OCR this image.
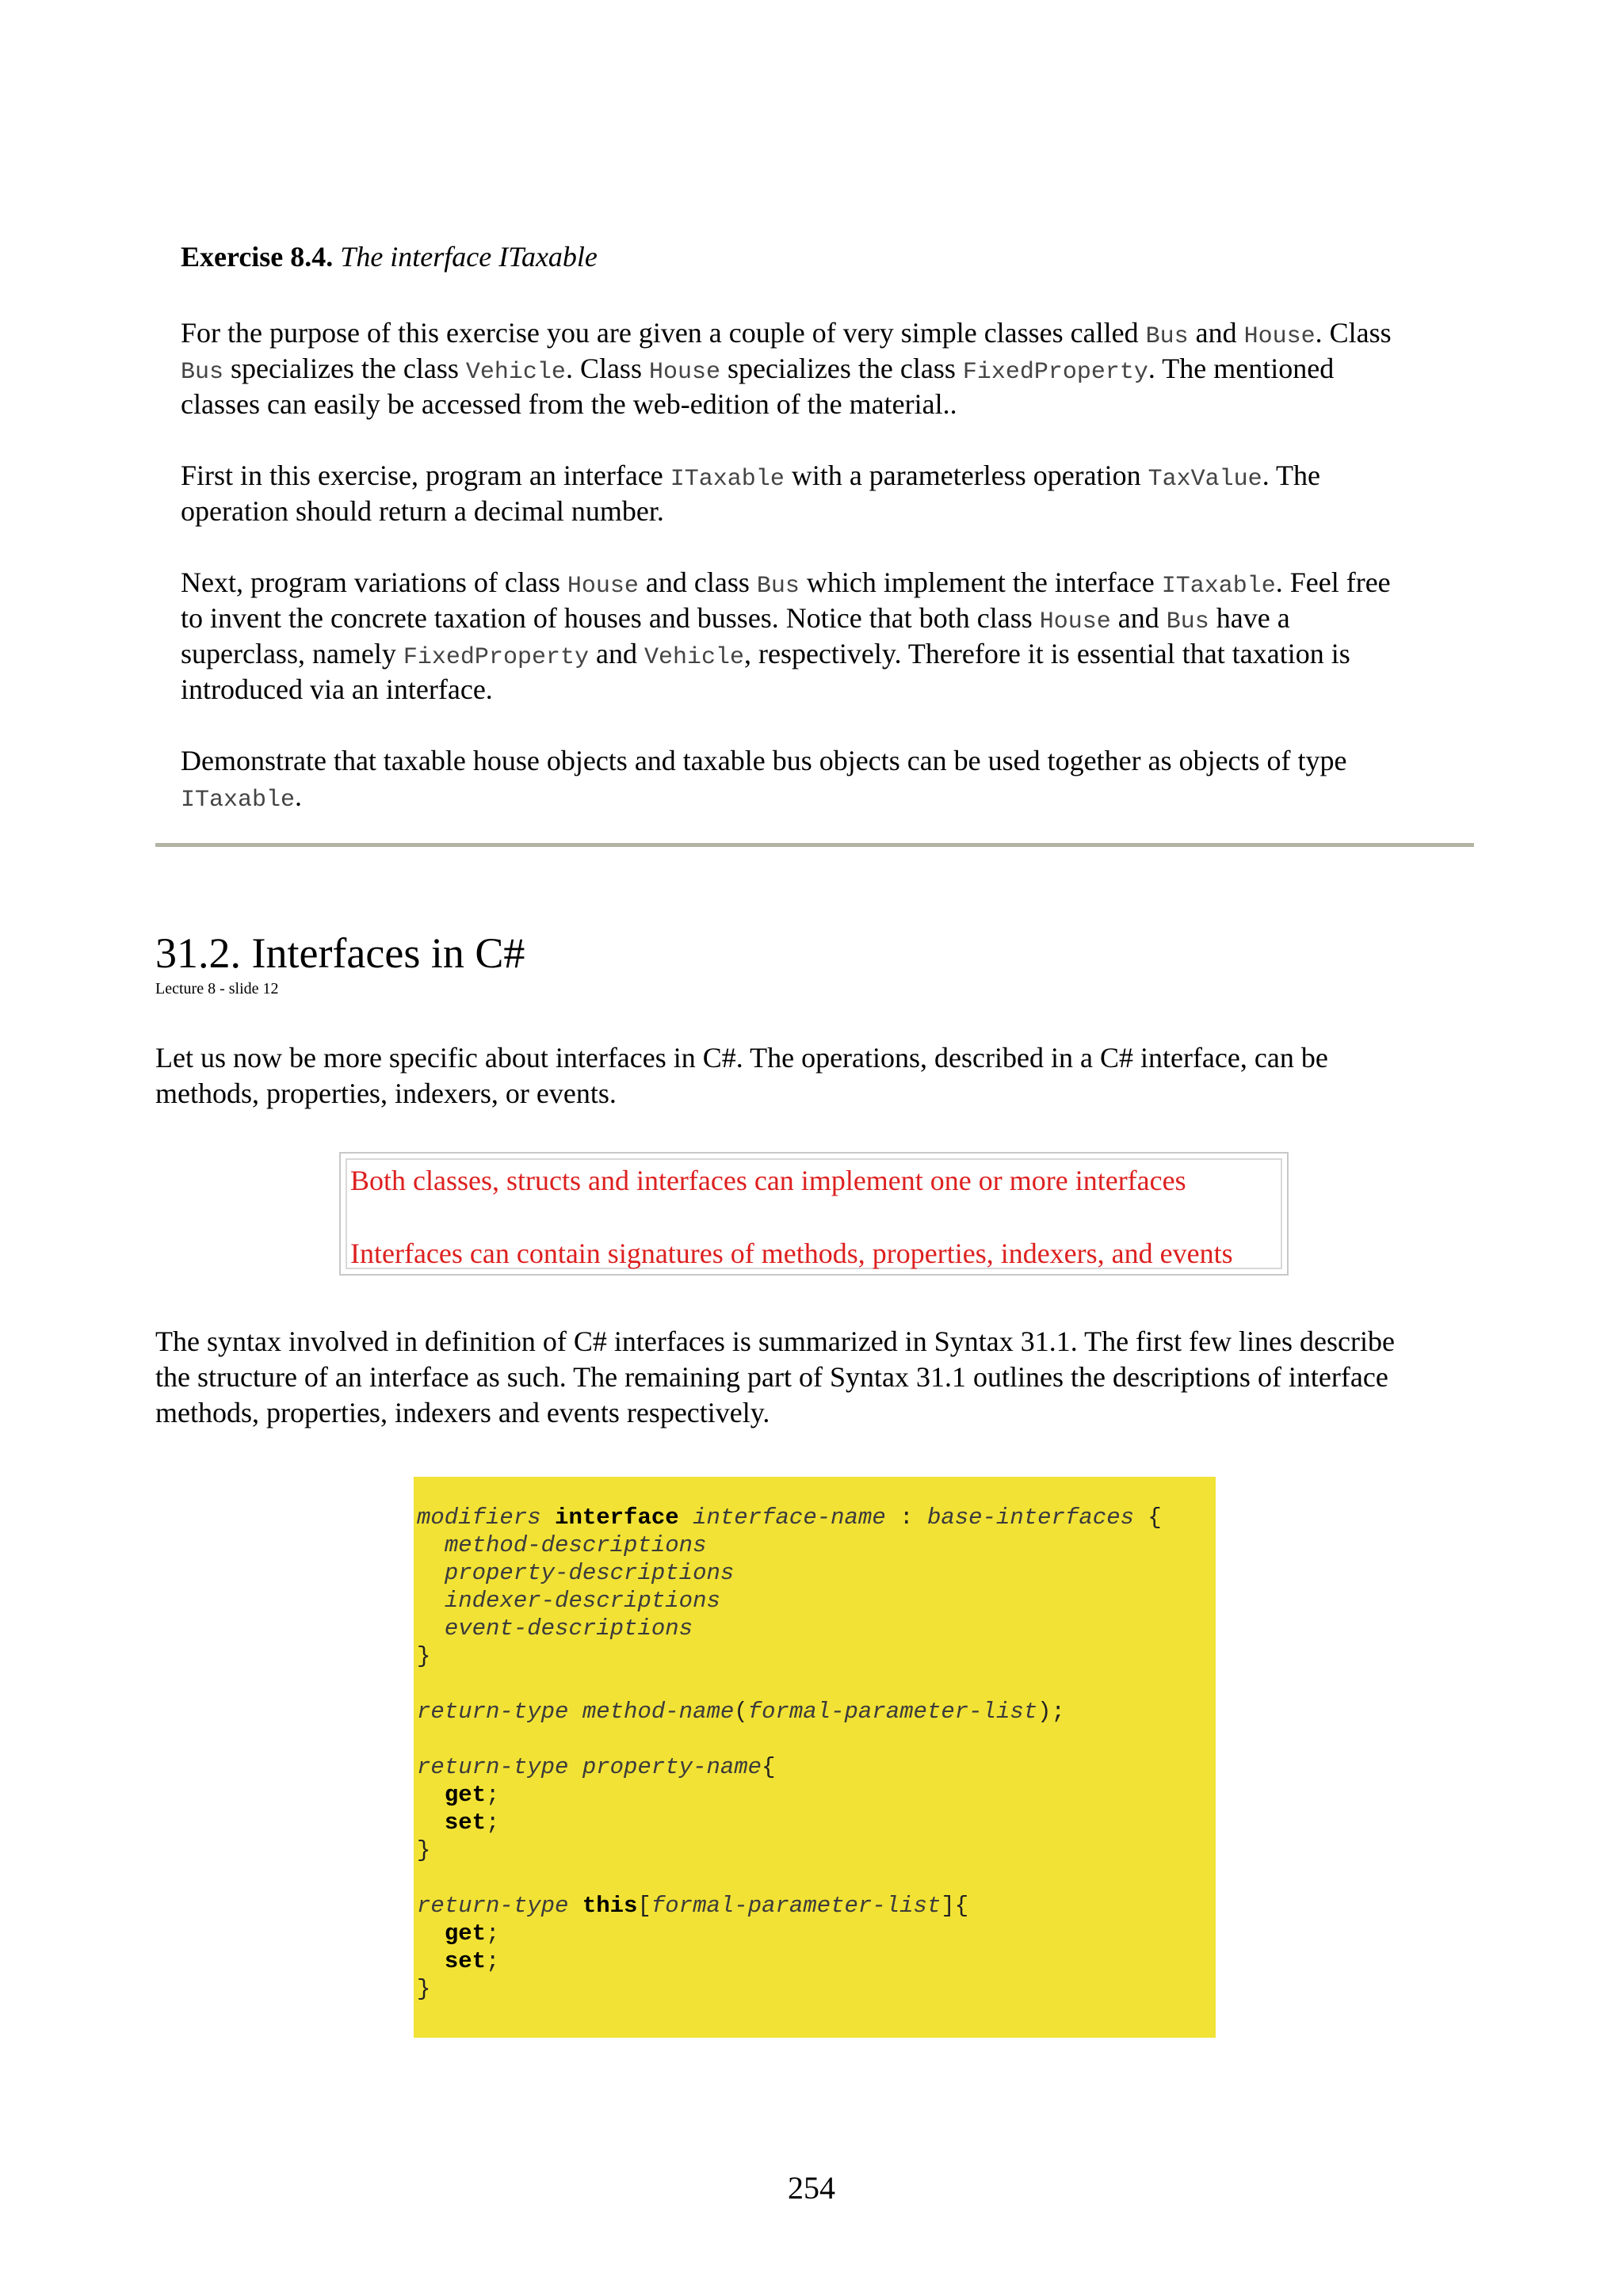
Exercise 8.4. The interface ITaxable

For the purpose of this exercise you are given a couple of very simple classes called Bus and House. Class

Bus specializes the class Vehicle. Class House specializes the class FixedProperty. The mentioned

classes can easily be accessed from the web-edition of the material..

First in this exercise, program an interface ITaxable with a parameterless operation TaxValue. The

operation should return a decimal number.

Next, program variations of class House and class Bus which implement the interface ITaxable. Feel free

to invent the concrete taxation of houses and busses. Notice that both class House and Bus have a

superclass, namely FixedProperty and Vehicle, respectively. Therefore it is essential that taxation is

introduced via an interface.

Demonstrate that taxable house objects and taxable bus objects can be used together as objects of type

ITaxable.

31.2. Interfaces in C#
Lecture 8 - slide 12

Let us now be more specific about interfaces in C#. The operations, described in a C# interface, can be

methods, properties, indexers, or events.

Both classes, structs and interfaces can implement one or more interfaces
Interfaces can contain signatures of methods, properties, indexers, and events

The syntax involved in definition of C# interfaces is summarized in Syntax 31.1. The first few lines describe

the structure of an interface as such. The remaining part of Syntax 31.1 outlines the descriptions of interface

methods, properties, indexers and events respectively.

modifiers interface interface-name : base-interfaces {
method-descriptions
property-descriptions
indexer-descriptions
event-descriptions
}
return-type method-name(formal-parameter-list);
return-type property-name{
get;
set;
}
return-type this[formal-parameter-list]{
get;
set;
}
254
